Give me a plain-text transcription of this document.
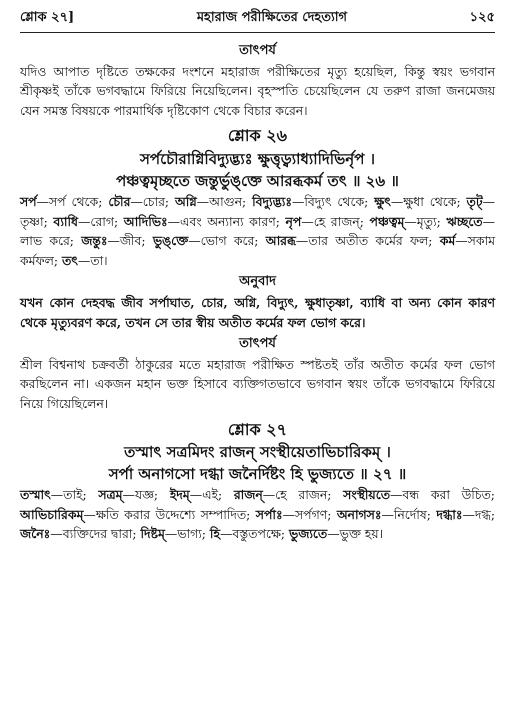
শ্লোক ২৭]	মহারাজ পরীক্ষিতের দেহত্যাগ	১২৫
তাৎপর্য

যদিও আপাত দৃষ্টিতে তক্ষকের দংশনে মহারাজ পরীক্ষিতের মৃত্যু হয়েছিল, কিন্তু স্বয়ং ভগবান শ্রীকৃষ্ণই তাঁকে ভগবদ্ধামে ফিরিয়ে নিয়েছিলেন। বৃহস্পতি চেয়েছিলেন যে তরুণ রাজা জনমেজয় যেন সমস্ত বিষয়কে পারমার্থিক দৃষ্টিকোণ থেকে বিচার করেন।

শ্লোক ২৬
সর্পচৌরাগ্নিবিদ্যুদ্ভ্যঃ ক্ষুত্তৃড্ব্যাধ্যাদিভির্নৃপ ।
পঞ্চত্বমৃচ্ছতে জন্তুর্ভুঙ্‌ক্তে আরব্ধকর্ম তৎ ॥ ২৬ ॥

সর্প—সর্প থেকে; চৌর—চোর; অগ্নি—আগুন; বিদ্যুদ্ভ্যঃ—বিদ্যুৎ থেকে; ক্ষুৎ—ক্ষুধা থেকে; তৃট্—তৃষ্ণা; ব্যাধি—রোগ; আদিভিঃ—এবং অন্যান্য কারণ; নৃপ—হে রাজন্; পঞ্চত্বম্—মৃত্যু; ঋচ্ছতে—লাভ করে; জন্তুঃ—জীব; ভুঙ্‌ক্তে—ভোগ করে; আরব্ধ—তার অতীত কর্মের ফল; কর্ম—সকাম কর্মফল; তৎ—তা।

অনুবাদ

যখন কোন দেহবদ্ধ জীব সর্পাঘাত, চোর, অগ্নি, বিদ্যুৎ, ক্ষুধাতৃষ্ণা, ব্যাধি বা অন্য কোন কারণ থেকে মৃত্যুবরণ করে, তখন সে তার স্বীয় অতীত কর্মের ফল ভোগ করে।

তাৎপর্য

শ্রীল বিশ্বনাথ চক্রবর্তী ঠাকুরের মতে মহারাজ পরীক্ষিত স্পষ্টতই তাঁর অতীত কর্মের ফল ভোগ করছিলেন না। একজন মহান ভক্ত হিসাবে ব্যক্তিগতভাবে ভগবান স্বয়ং তাঁকে ভগবদ্ধামে ফিরিয়ে নিয়ে গিয়েছিলেন।

শ্লোক ২৭
তস্মাৎ সত্রমিদং রাজন্ সংস্থীয়েতাভিচারিকম্ ।
সর্পা অনাগসো দগ্ধা জনৈর্দিষ্টং হি ভুজ্যতে ॥ ২৭ ॥

তস্মাৎ—তাই; সত্রম্—যজ্ঞ; ইদম্—এই; রাজন্—হে রাজন; সংস্থীয়তে—বন্ধ করা উচিত; আভিচারিকম্—ক্ষতি করার উদ্দেশ্যে সম্পাদিত; সর্পাঃ—সর্পগণ; অনাগসঃ—নির্দোষ; দগ্ধাঃ—দগ্ধ; জনৈঃ—ব্যক্তিদের দ্বারা; দিষ্টম্—ভাগ্য; হি—বস্তুতপক্ষে; ভুজ্যতে—ভুক্ত হয়।
